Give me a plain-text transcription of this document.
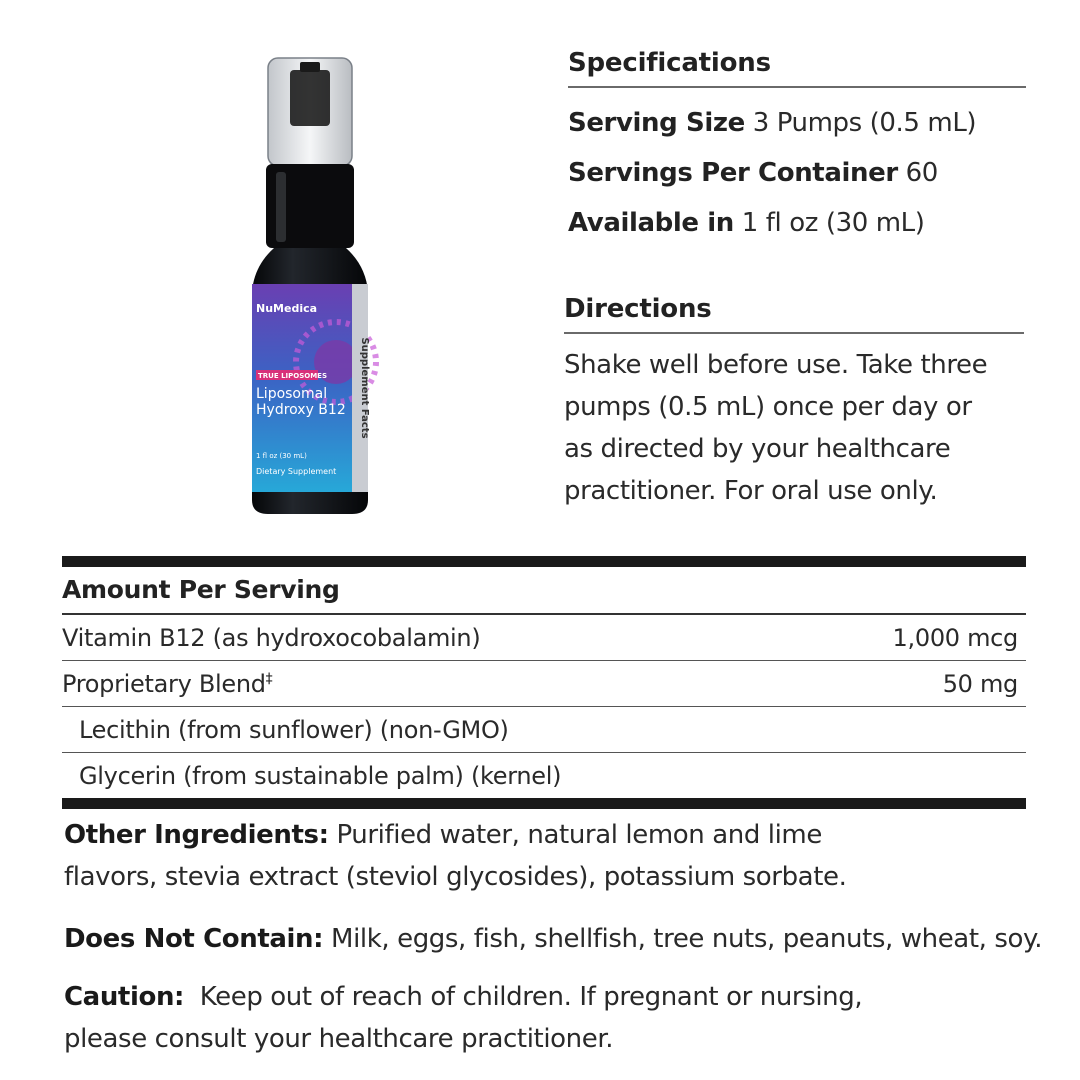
Supplement Facts
NuMedica
TRUE LIPOSOMES
Liposomal
Hydroxy B12
1 fl oz (30 mL)
Dietary Supplement
Specifications
Serving Size 3 Pumps (0.5 mL)
Servings Per Container 60
Available in 1 fl oz (30 mL)
Directions
Shake well before use. Take three pumps (0.5 mL) once per day or as directed by your healthcare practitioner. For oral use only.
Amount Per Serving
Vitamin B12 (as hydroxocobalamin)	1,000 mcg
Proprietary Blend‡	50 mg
Lecithin (from sunflower) (non-GMO)
Glycerin (from sustainable palm) (kernel)
Other Ingredients: Purified water, natural lemon and lime
flavors, stevia extract (steviol glycosides), potassium sorbate.
Does Not Contain: Milk, eggs, fish, shellfish, tree nuts, peanuts, wheat, soy.
Caution: Keep out of reach of children. If pregnant or nursing,
please consult your healthcare practitioner.
